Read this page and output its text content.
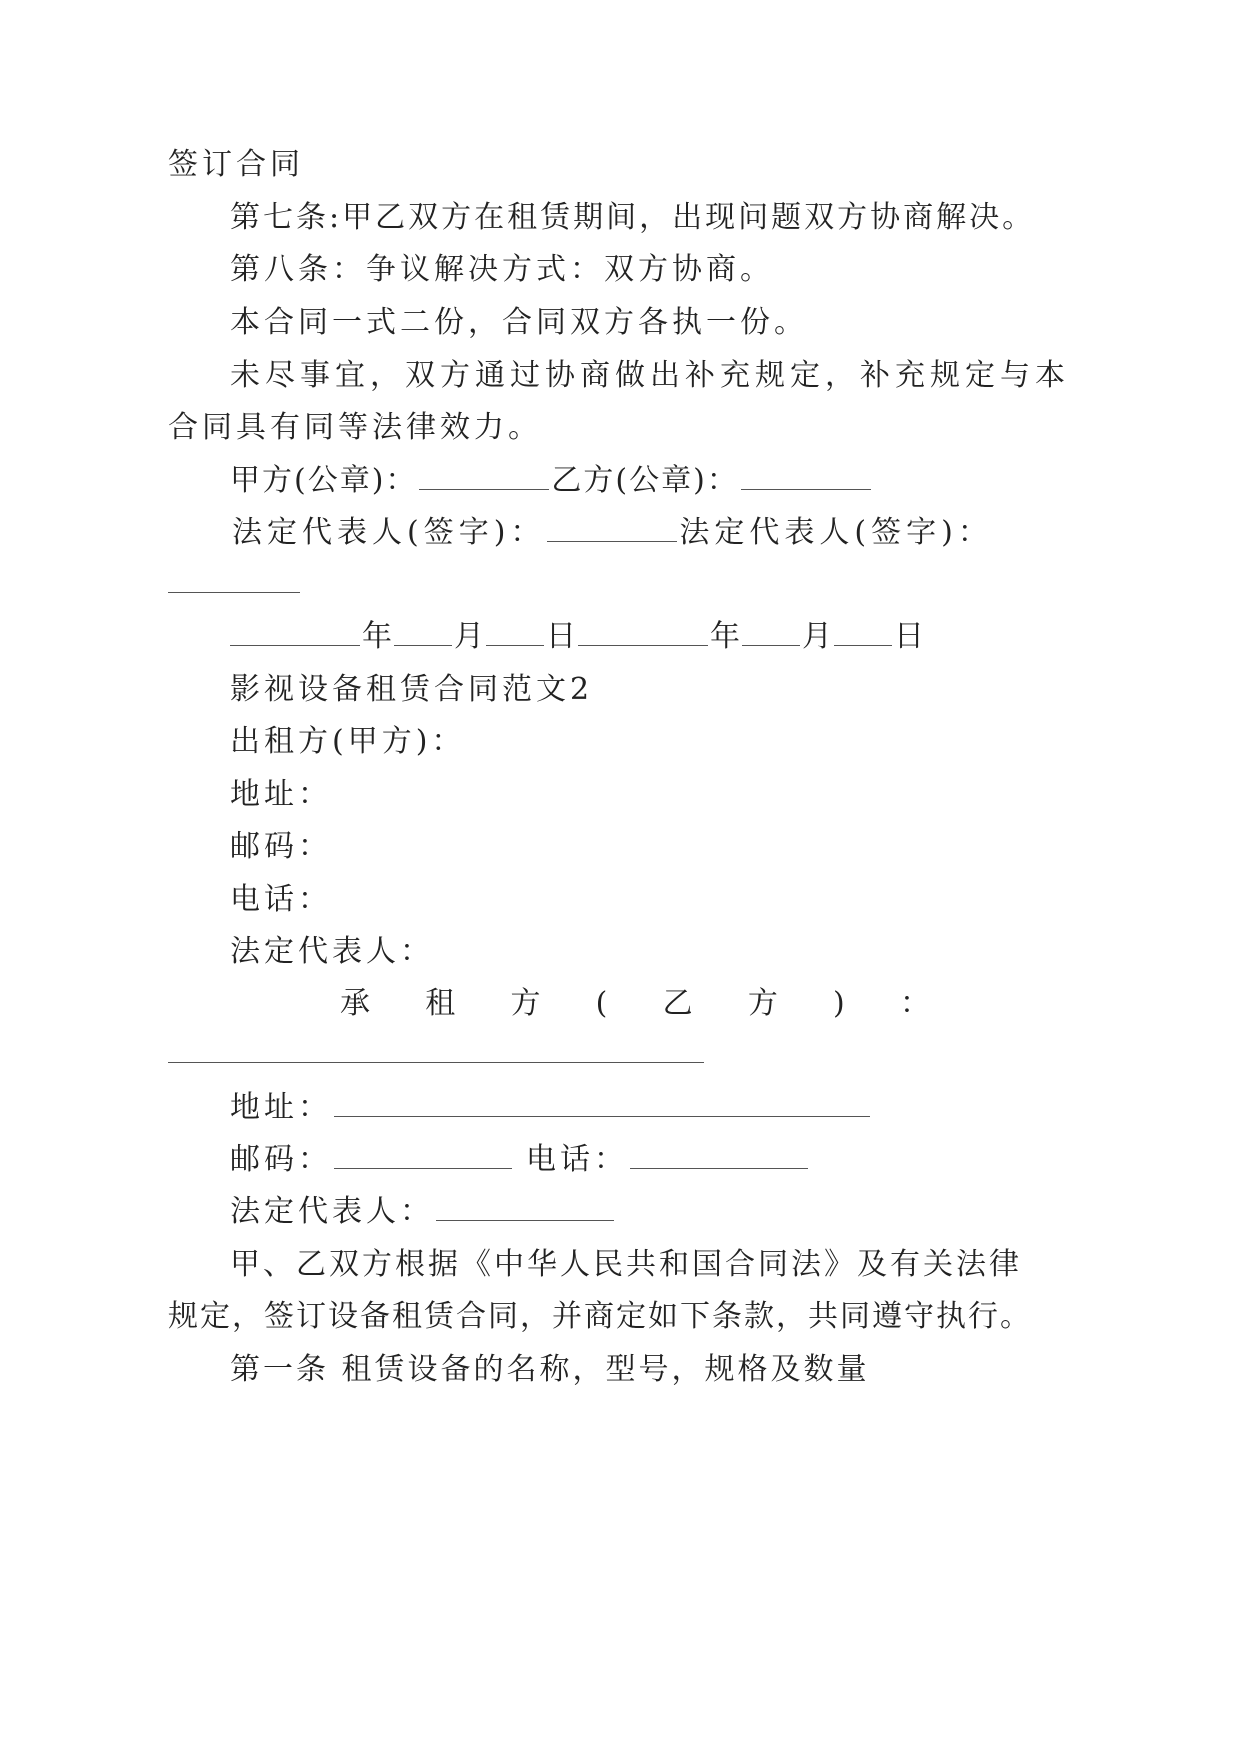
签订合同
第七条:甲乙双方在租赁期间，出现问题双方协商解决。
第八条：争议解决方式：双方协商。
本合同一式二份，合同双方各执一份。
未尽事宜，双方通过协商做出补充规定，补充规定与本
合同具有同等法律效力。
甲方(公章)：	乙方(公章)：
法定代表人(签字)：	法定代表人(签字)：
年 月 日	年 月 日
影视设备租赁合同范文2
出租方(甲方)：
地址：
邮码：
电话：
法定代表人：
承 租 方 ( 乙 方 ) ：
地址：
邮码：	电话：
法定代表人：
甲、乙双方根据《中华人民共和国合同法》及有关法律
规定，签订设备租赁合同，并商定如下条款，共同遵守执行。
第一条 租赁设备的名称，型号，规格及数量
